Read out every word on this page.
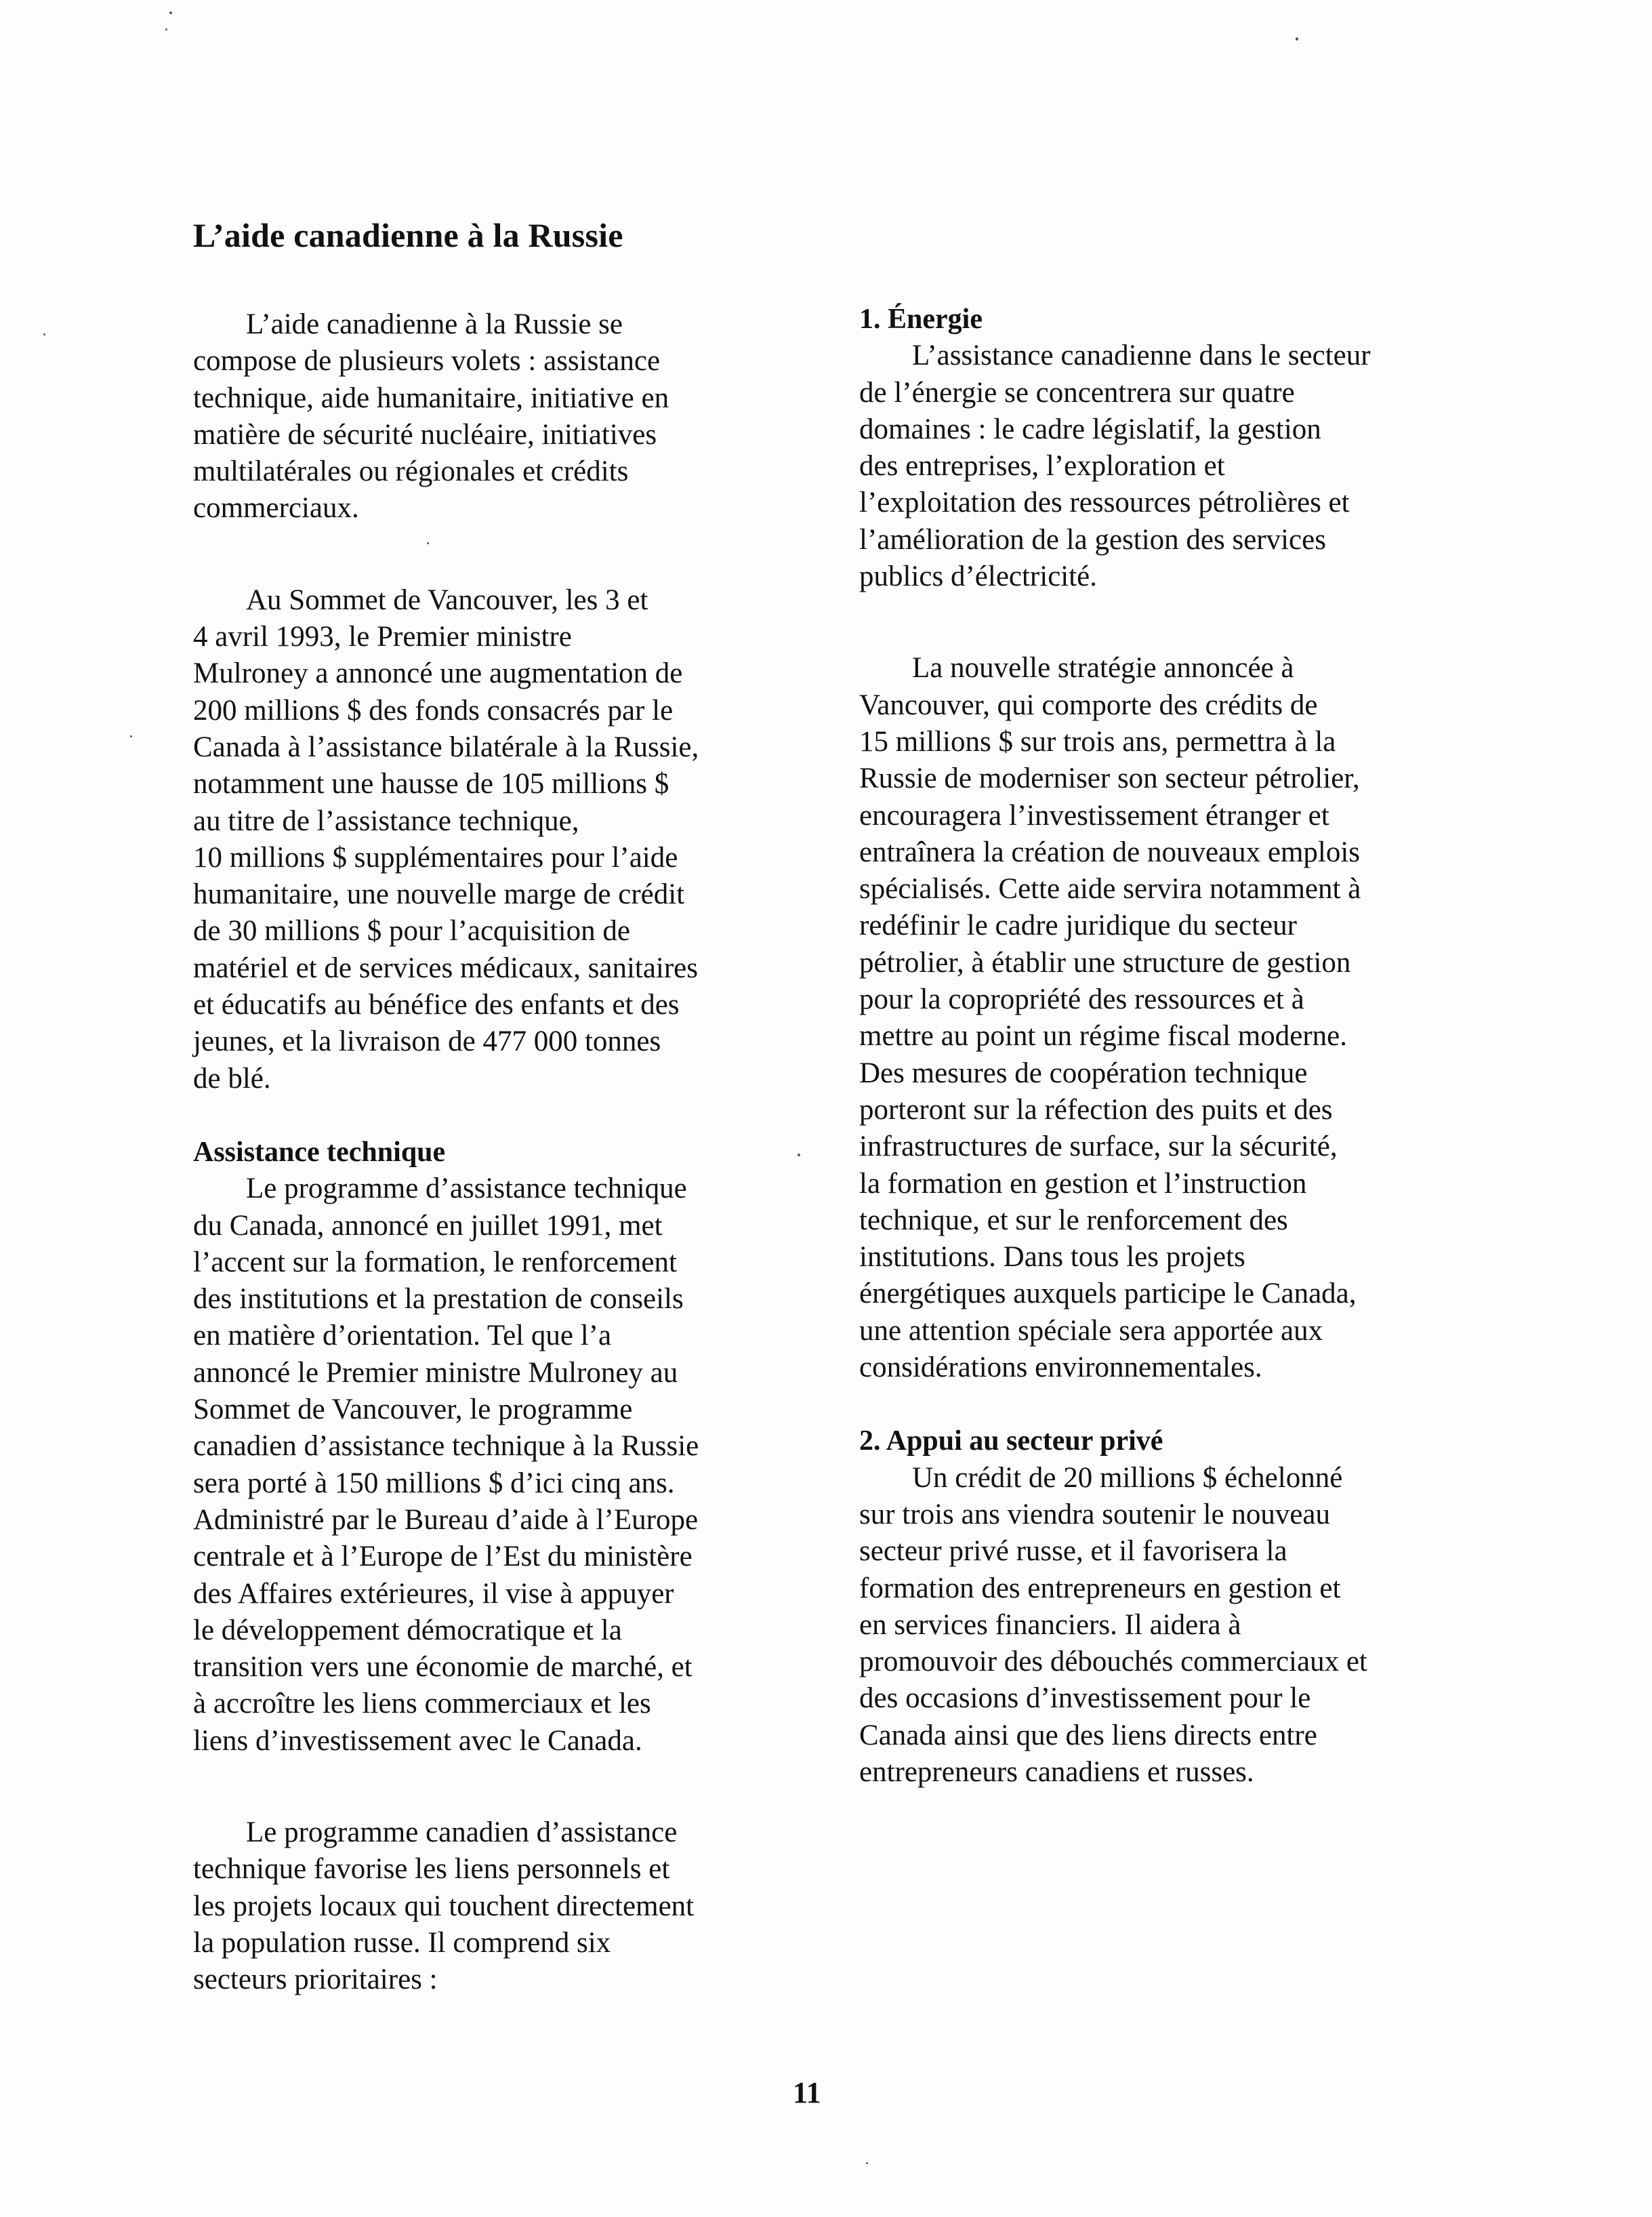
L’aide canadienne à la Russie
L’aide canadienne à la Russie se
compose de plusieurs volets : assistance
technique, aide humanitaire, initiative en
matière de sécurité nucléaire, initiatives
multilatérales ou régionales et crédits
commerciaux.
Au Sommet de Vancouver, les 3 et
4 avril 1993, le Premier ministre
Mulroney a annoncé une augmentation de
200 millions $ des fonds consacrés par le
Canada à l’assistance bilatérale à la Russie,
notamment une hausse de 105 millions $
au titre de l’assistance technique,
10 millions $ supplémentaires pour l’aide
humanitaire, une nouvelle marge de crédit
de 30 millions $ pour l’acquisition de
matériel et de services médicaux, sanitaires
et éducatifs au bénéfice des enfants et des
jeunes, et la livraison de 477 000 tonnes
de blé.
Assistance technique
Le programme d’assistance technique
du Canada, annoncé en juillet 1991, met
l’accent sur la formation, le renforcement
des institutions et la prestation de conseils
en matière d’orientation. Tel que l’a
annoncé le Premier ministre Mulroney au
Sommet de Vancouver, le programme
canadien d’assistance technique à la Russie
sera porté à 150 millions $ d’ici cinq ans.
Administré par le Bureau d’aide à l’Europe
centrale et à l’Europe de l’Est du ministère
des Affaires extérieures, il vise à appuyer
le développement démocratique et la
transition vers une économie de marché, et
à accroître les liens commerciaux et les
liens d’investissement avec le Canada.
Le programme canadien d’assistance
technique favorise les liens personnels et
les projets locaux qui touchent directement
la population russe. Il comprend six
secteurs prioritaires :
1. Énergie
L’assistance canadienne dans le secteur
de l’énergie se concentrera sur quatre
domaines : le cadre législatif, la gestion
des entreprises, l’exploration et
l’exploitation des ressources pétrolières et
l’amélioration de la gestion des services
publics d’électricité.
La nouvelle stratégie annoncée à
Vancouver, qui comporte des crédits de
15 millions $ sur trois ans, permettra à la
Russie de moderniser son secteur pétrolier,
encouragera l’investissement étranger et
entraînera la création de nouveaux emplois
spécialisés. Cette aide servira notamment à
redéfinir le cadre juridique du secteur
pétrolier, à établir une structure de gestion
pour la copropriété des ressources et à
mettre au point un régime fiscal moderne.
Des mesures de coopération technique
porteront sur la réfection des puits et des
infrastructures de surface, sur la sécurité,
la formation en gestion et l’instruction
technique, et sur le renforcement des
institutions. Dans tous les projets
énergétiques auxquels participe le Canada,
une attention spéciale sera apportée aux
considérations environnementales.
2. Appui au secteur privé
Un crédit de 20 millions $ échelonné
sur trois ans viendra soutenir le nouveau
secteur privé russe, et il favorisera la
formation des entrepreneurs en gestion et
en services financiers. Il aidera à
promouvoir des débouchés commerciaux et
des occasions d’investissement pour le
Canada ainsi que des liens directs entre
entrepreneurs canadiens et russes.
11
